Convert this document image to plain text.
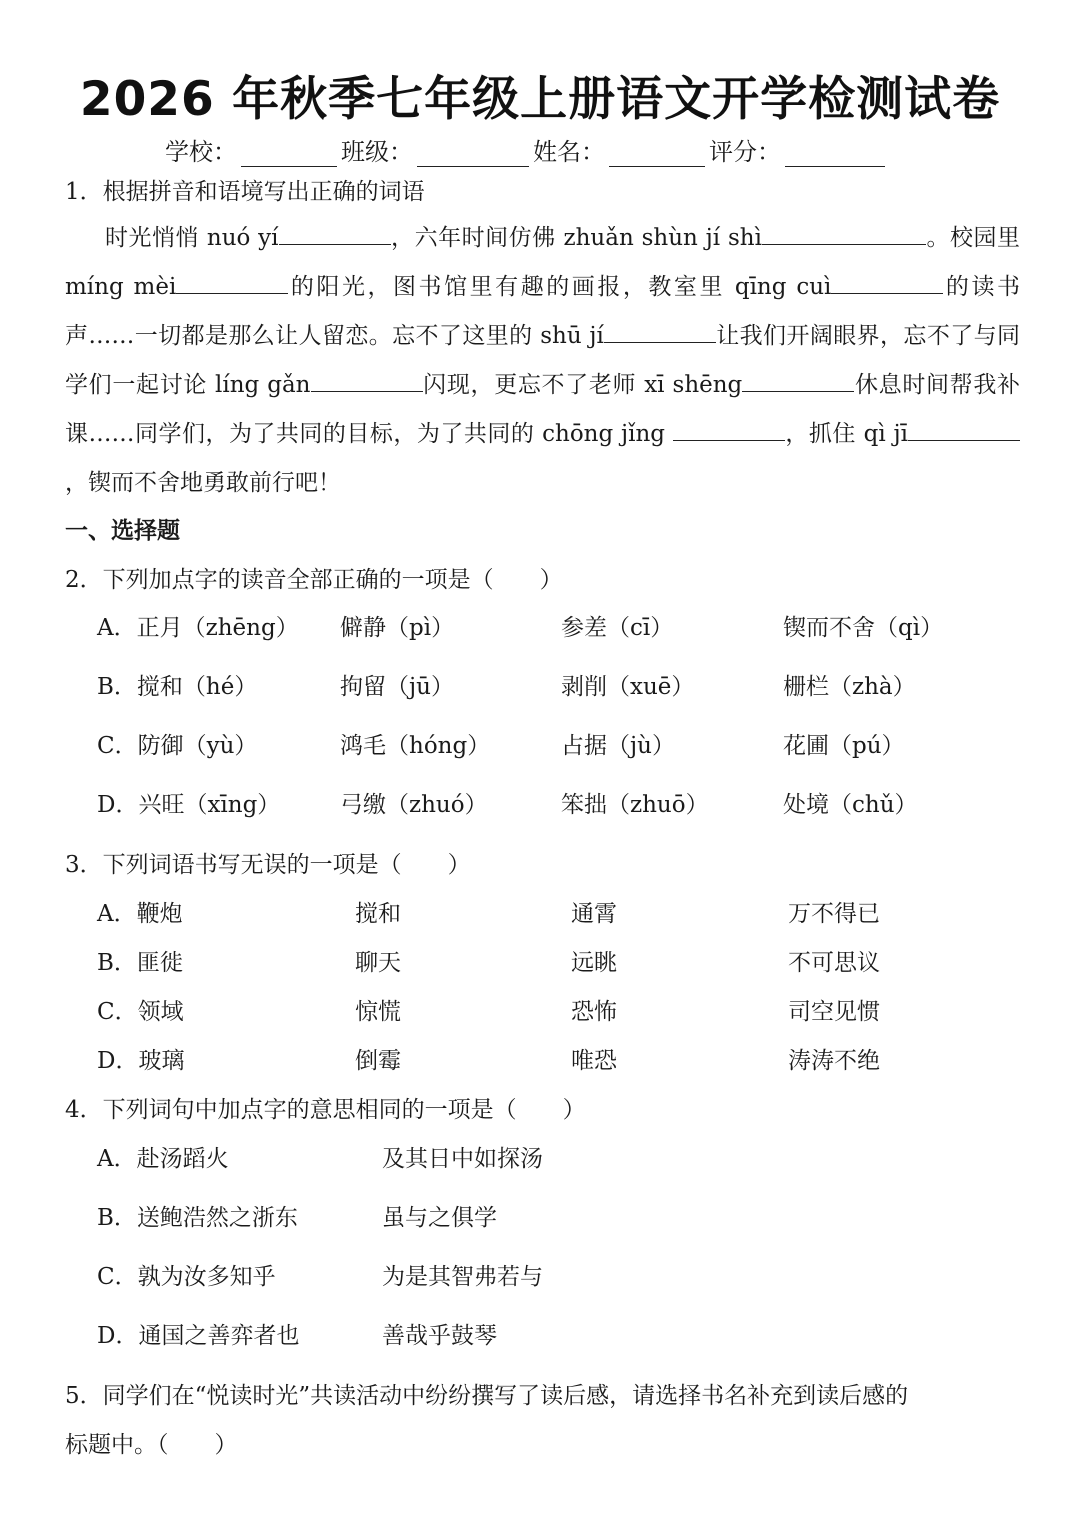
2026 年秋季七年级上册语文开学检测试卷
学校：	班级：	姓名：	评分：
1．根据拼音和语境写出正确的词语
时光悄悄 nuó yí	，六年时间仿佛 zhuǎn shùn jí shì	。校园里 míng mèi	的阳光，图书馆里有趣的画报，教室里 qīng cuì	的读书声……一切都是那么让人留恋。忘不了这里的 shū jí	让我们开阔眼界，忘不了与同学们一起讨论 líng gǎn	闪现，更忘不了老师 xī shēng	休息时间帮我补课……同学们，为了共同的目标，为了共同的 chōng jǐng	，抓住 qì jī，锲而不舍地勇敢前行吧！
一、选择题
2．下列加点字的读音全部正确的一项是（　　）
A．正月（zhēng） 僻静（pì）	参差（cī）	锲而不舍（qì）
B．搅和（hé）	拘留（jū）	剥削（xuē）	栅栏（zhà）
C．防御（yù）	鸿毛（hóng）	占据（jù）	花圃（pú）
D．兴旺（xīng）	弓缴（zhuó）	笨拙（zhuō）	处境（chǔ）
3．下列词语书写无误的一项是（　　）
A．鞭炮	搅和	通霄	万不得已
B．匪徙	聊天	远眺	不可思议
C．领域	惊慌	恐怖	司空见惯
D．玻璃	倒霉	唯恐	涛涛不绝
4．下列词句中加点字的意思相同的一项是（　　）
A．赴汤蹈火	及其日中如探汤
B．送鲍浩然之浙东	虽与之俱学
C．孰为汝多知乎	为是其智弗若与
D．通国之善弈者也	善哉乎鼓琴
5．同学们在“悦读时光”共读活动中纷纷撰写了读后感，请选择书名补充到读后感的
标题中。（　　）
